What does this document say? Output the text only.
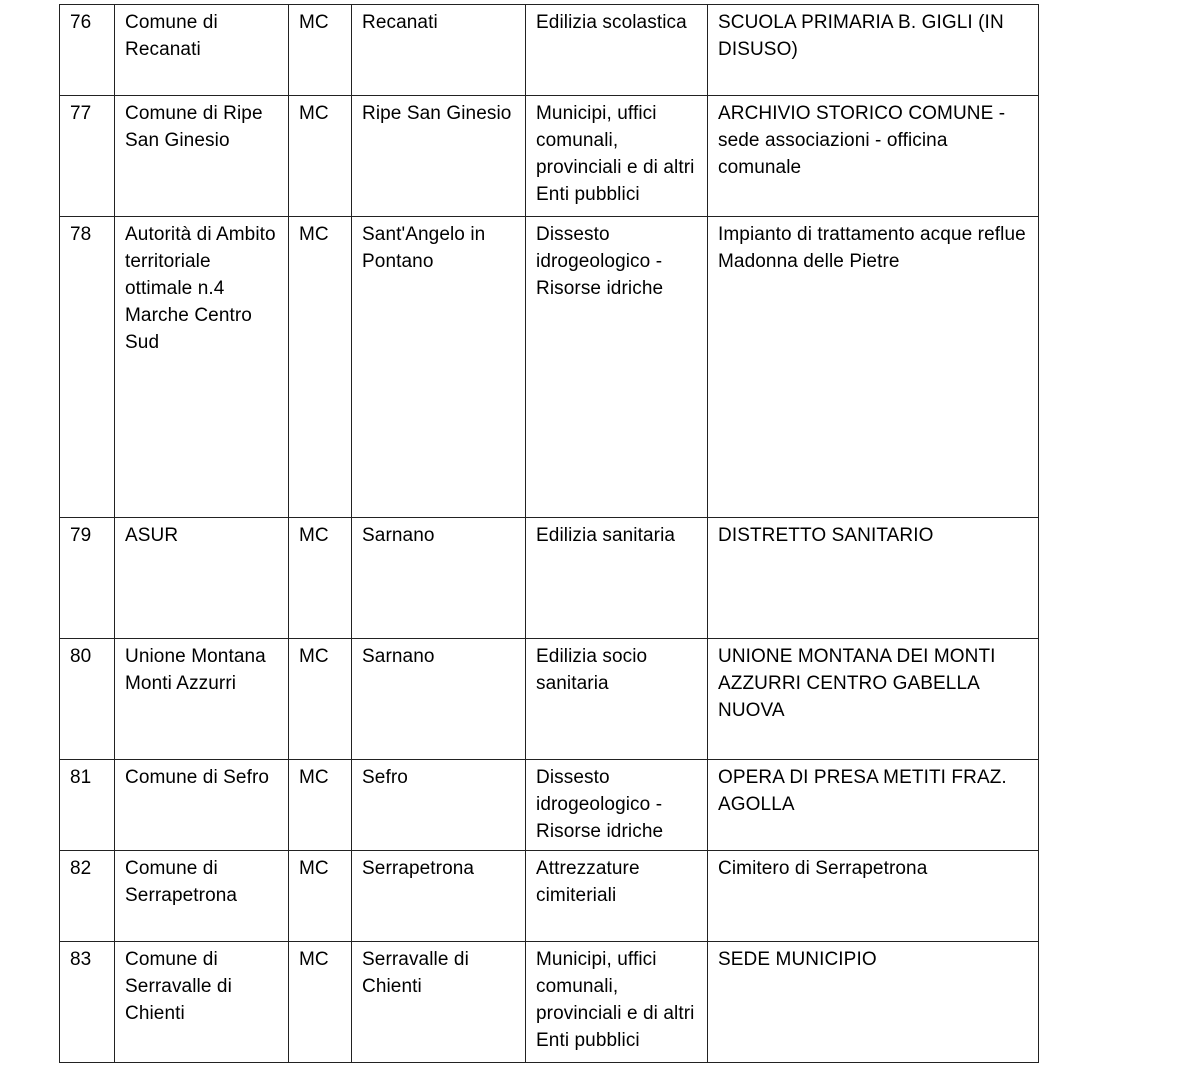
76	Comune di Recanati	MC	Recanati	Edilizia scolastica	SCUOLA PRIMARIA B. GIGLI (IN DISUSO)
77	Comune di Ripe San Ginesio	MC	Ripe San Ginesio	Municipi, uffici comunali, provinciali e di altri Enti pubblici	ARCHIVIO STORICO COMUNE - sede associazioni - officina comunale
78	Autorità di Ambito territoriale ottimale n.4 Marche Centro Sud	MC	Sant'Angelo in Pontano	Dissesto idrogeologico - Risorse idriche	Impianto di trattamento acque reflue Madonna delle Pietre
79	ASUR	MC	Sarnano	Edilizia sanitaria	DISTRETTO SANITARIO
80	Unione Montana Monti Azzurri	MC	Sarnano	Edilizia socio sanitaria	UNIONE MONTANA DEI MONTI AZZURRI CENTRO GABELLA NUOVA
81	Comune di Sefro	MC	Sefro	Dissesto idrogeologico - Risorse idriche	OPERA DI PRESA METITI FRAZ. AGOLLA
82	Comune di Serrapetrona	MC	Serrapetrona	Attrezzature cimiteriali	Cimitero di Serrapetrona
83	Comune di Serravalle di Chienti	MC	Serravalle di Chienti	Municipi, uffici comunali, provinciali e di altri Enti pubblici	SEDE MUNICIPIO
